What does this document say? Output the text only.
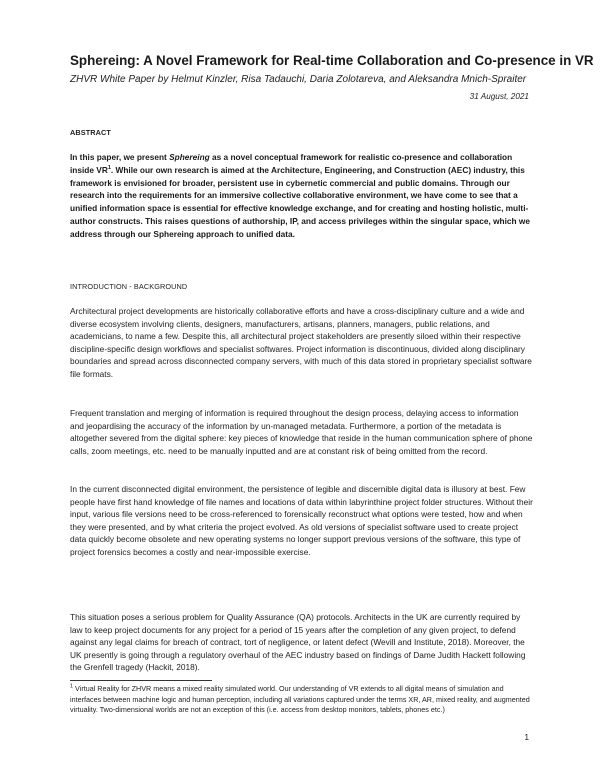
Sphereing: A Novel Framework for Real-time Collaboration and Co-presence in VR
ZHVR White Paper by Helmut Kinzler, Risa Tadauchi, Daria Zolotareva, and Aleksandra Mnich-Spraiter
31 August, 2021
ABSTRACT
In this paper, we present Sphereing as a novel conceptual framework for realistic co-presence and collaboration inside $VR^1$. While our own research is aimed at the Architecture, Engineering, and Construction (AEC) industry, this framework is envisioned for broader, persistent use in cybernetic commercial and public domains. Through our research into the requirements for an immersive collective collaborative environment, we have come to see that a unified information space is essential for effective knowledge exchange, and for creating and hosting holistic, multi-author constructs. This raises questions of authorship, IP, and access privileges within the singular space, which we address through our Sphereing approach to unified data.
INTRODUCTION - BACKGROUND
Architectural project developments are historically collaborative efforts and have a cross-disciplinary culture and a wide and diverse ecosystem involving clients, designers, manufacturers, artisans, planners, managers, public relations, and academicians, to name a few. Despite this, all architectural project stakeholders are presently siloed within their respective discipline-specific design workflows and specialist softwares. Project information is discontinuous, divided along disciplinary boundaries and spread across disconnected company servers, with much of this data stored in proprietary specialist software file formats.
Frequent translation and merging of information is required throughout the design process, delaying access to information and jeopardising the accuracy of the information by un-managed metadata. Furthermore, a portion of the metadata is altogether severed from the digital sphere: key pieces of knowledge that reside in the human communication sphere of phone calls, zoom meetings, etc. need to be manually inputted and are at constant risk of being omitted from the record.
In the current disconnected digital environment, the persistence of legible and discernible digital data is illusory at best. Few people have first hand knowledge of file names and locations of data within labyrinthine project folder structures. Without their input, various file versions need to be cross-referenced to forensically reconstruct what options were tested, how and when they were presented, and by what criteria the project evolved. As old versions of specialist software used to create project data quickly become obsolete and new operating systems no longer support previous versions of the software, this type of project forensics becomes a costly and near-impossible exercise.
This situation poses a serious problem for Quality Assurance (QA) protocols. Architects in the UK are currently required by law to keep project documents for any project for a period of 15 years after the completion of any given project, to defend against any legal claims for breach of contract, tort of negligence, or latent defect (Wevill and Institute, 2018). Moreover, the UK presently is going through a regulatory overhaul of the AEC industry based on findings of Dame Judith Hackett following the Grenfell tragedy (Hackit, 2018).
$^1$ Virtual Reality for ZHVR means a mixed reality simulated world. Our understanding of VR extends to all digital means of simulation and interfaces between machine logic and human perception, including all variations captured under the terms XR, AR, mixed reality, and augmented virtuality. Two-dimensional worlds are not an exception of this (i.e. access from desktop monitors, tablets, phones etc.)
1
